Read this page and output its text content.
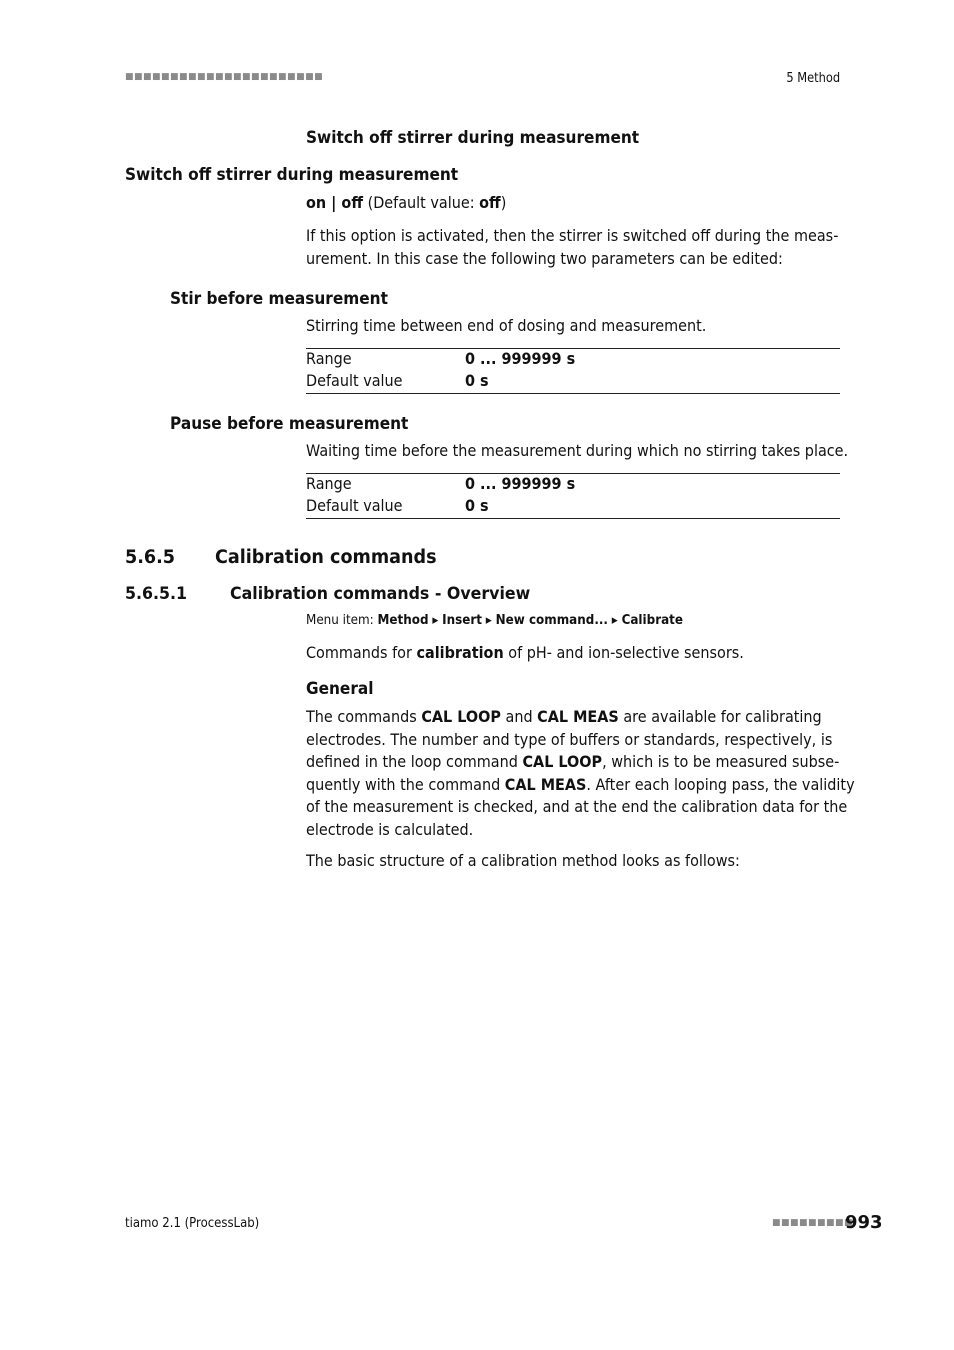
■■■■■■■■■■■■■■■■■■■■■■	5 Method
Switch off stirrer during measurement
Switch off stirrer during measurement
on | off (Default value: off)
If this option is activated, then the stirrer is switched off during the meas-
urement. In this case the following two parameters can be edited:
Stir before measurement
Stirring time between end of dosing and measurement.
Range	0 ... 999999 s
Default value	0 s
Pause before measurement
Waiting time before the measurement during which no stirring takes place.
Range	0 ... 999999 s
Default value	0 s
5.6.5 Calibration commands
5.6.5.1	Calibration commands - Overview
Menu item: Method ▸ Insert ▸ New command... ▸ Calibrate
Commands for calibration of pH- and ion-selective sensors.
General
The commands CAL LOOP and CAL MEAS are available for calibrating
electrodes. The number and type of buffers or standards, respectively, is
defined in the loop command CAL LOOP, which is to be measured subse-
quently with the command CAL MEAS. After each looping pass, the validity
of the measurement is checked, and at the end the calibration data for the
electrode is calculated.
The basic structure of a calibration method looks as follows:
tiamo 2.1 (ProcessLab)	■■■■■■■■■
993
